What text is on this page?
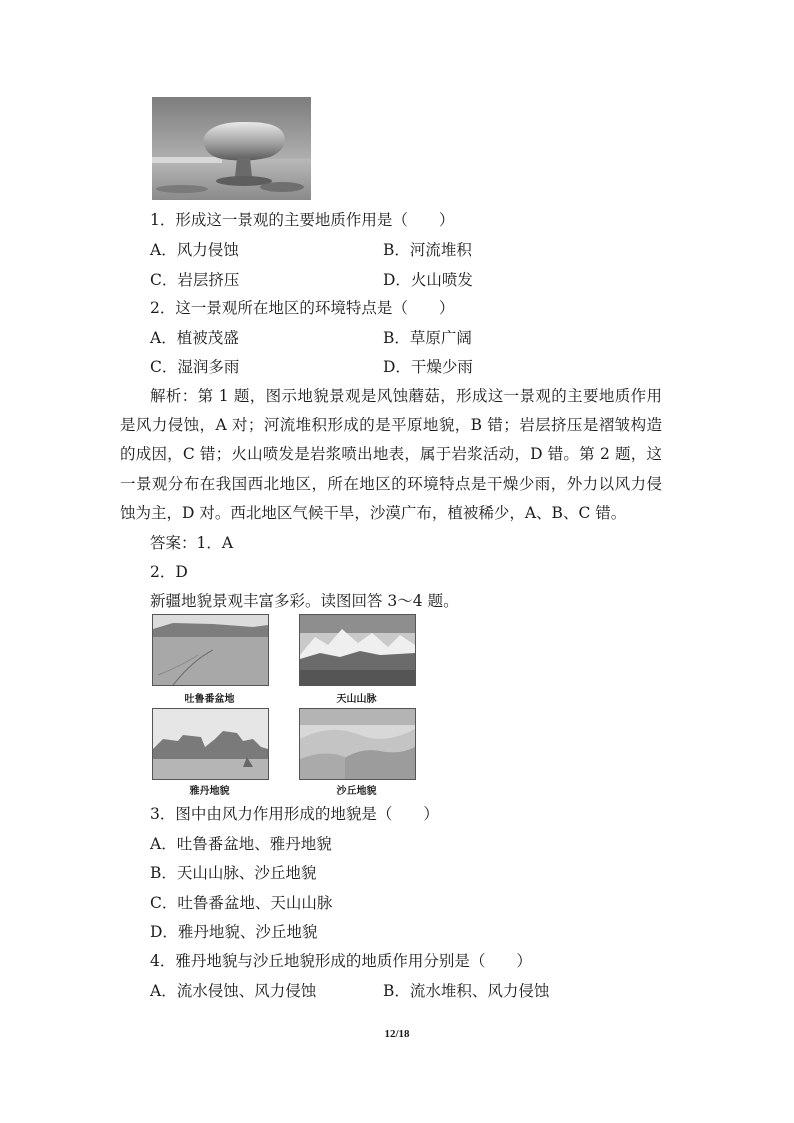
1．形成这一景观的主要地质作用是（　　）
A．风力侵蚀	B．河流堆积
C．岩层挤压	D．火山喷发
2．这一景观所在地区的环境特点是（　　）
A．植被茂盛	B．草原广阔
C．湿润多雨	D．干燥少雨
解析：第 1 题，图示地貌景观是风蚀蘑菇，形成这一景观的主要地质作用
是风力侵蚀，A 对；河流堆积形成的是平原地貌，B 错；岩层挤压是褶皱构造
的成因，C 错；火山喷发是岩浆喷出地表，属于岩浆活动，D 错。第 2 题，这
一景观分布在我国西北地区，所在地区的环境特点是干燥少雨，外力以风力侵
蚀为主，D 对。西北地区气候干旱，沙漠广布，植被稀少，A、B、C 错。
答案：1．A
2．D
新疆地貌景观丰富多彩。读图回答 3～4 题。
吐鲁番盆地	天山山脉
雅丹地貌	沙丘地貌
3．图中由风力作用形成的地貌是（　　）
A．吐鲁番盆地、雅丹地貌
B．天山山脉、沙丘地貌
C．吐鲁番盆地、天山山脉
D．雅丹地貌、沙丘地貌
4．雅丹地貌与沙丘地貌形成的地质作用分别是（　　）
A．流水侵蚀、风力侵蚀	B．流水堆积、风力侵蚀
12/18
